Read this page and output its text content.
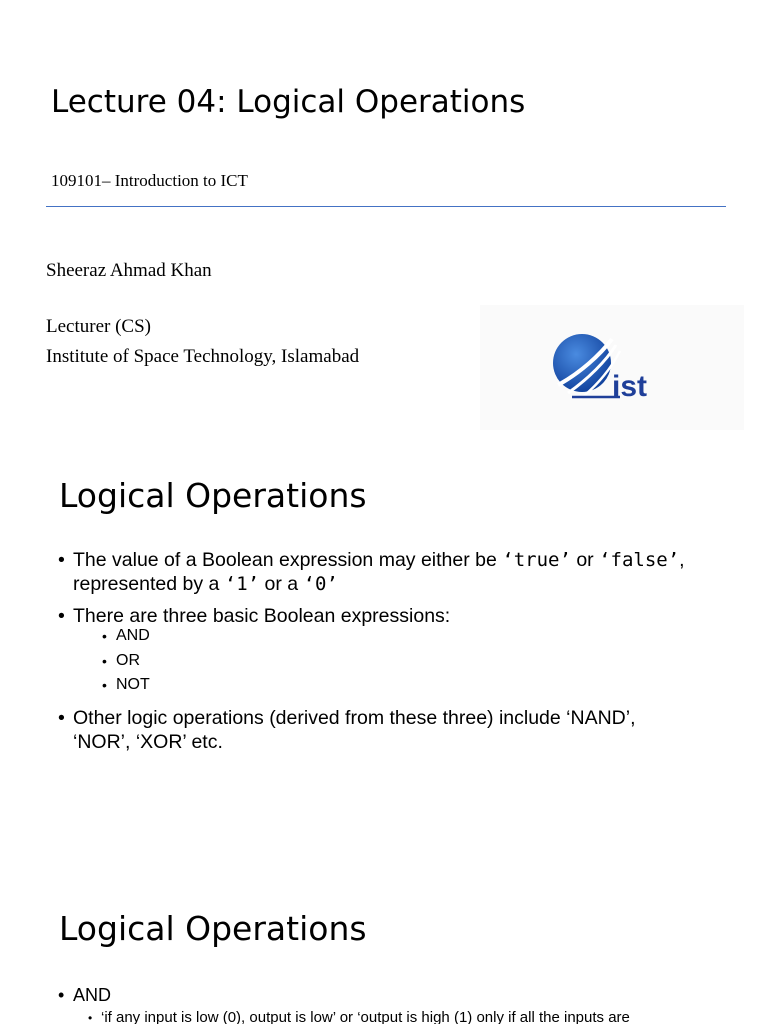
Lecture 04: Logical Operations
109101– Introduction to ICT
Sheeraz Ahmad Khan
Lecturer (CS)
Institute of Space Technology, Islamabad
ist
Logical Operations
• The value of a Boolean expression may either be ‘true’ or ‘false’,
represented by a ‘1’ or a ‘0’
• There are three basic Boolean expressions:
• AND
• OR
• NOT
• Other logic operations (derived from these three) include ‘NAND’, ‘NOR’, ‘XOR’ etc.
Logical Operations
• AND
• ‘if any input is low (0), output is low’ or ‘output is high (1) only if all the inputs are
